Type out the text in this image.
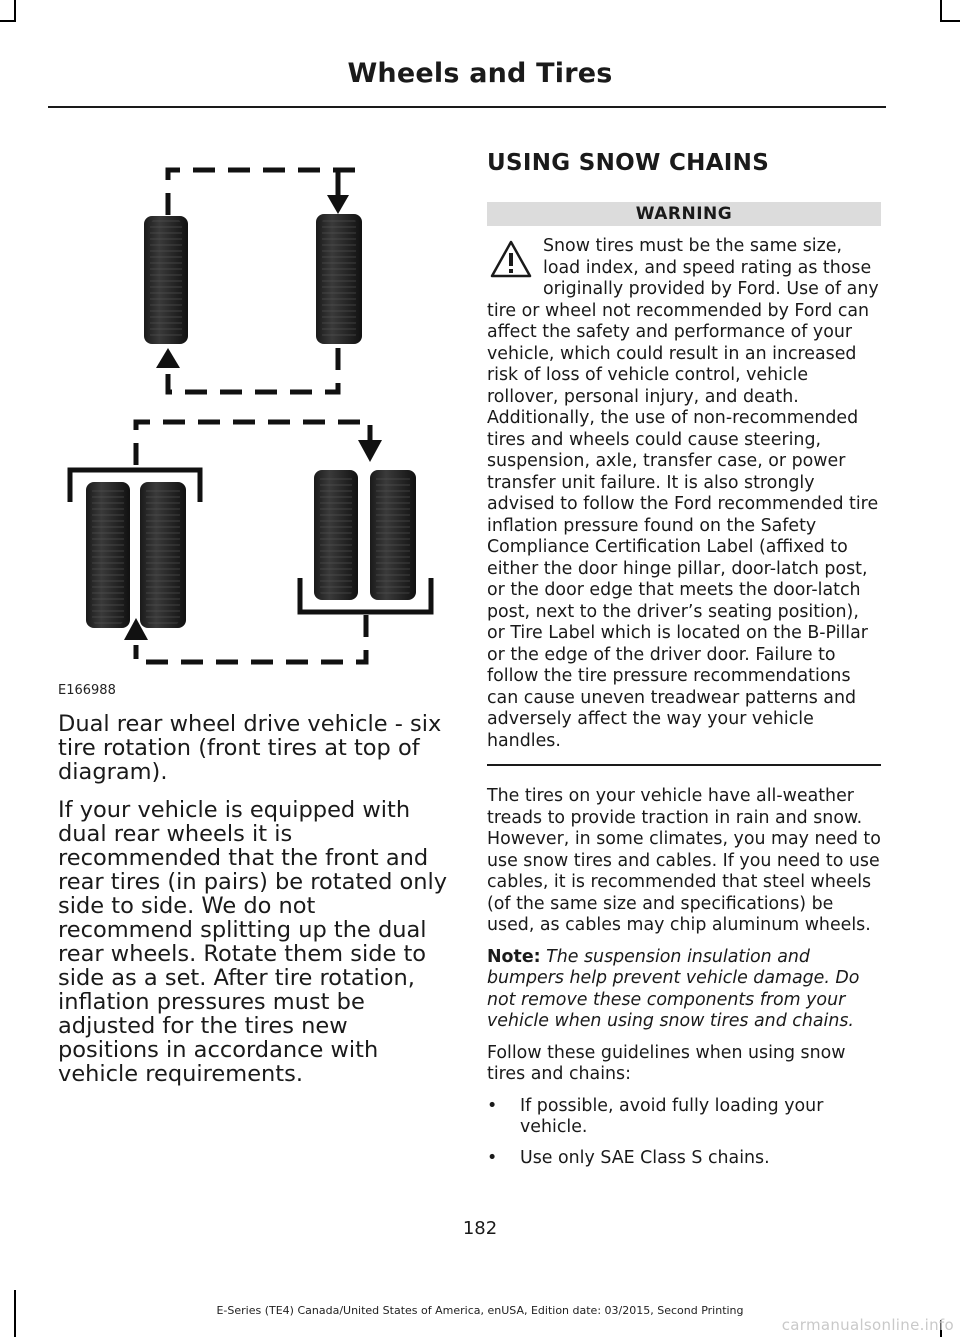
Wheels and Tires
E166988

Dual rear wheel drive vehicle - six tire rotation (front tires at top of diagram).

If your vehicle is equipped with dual rear wheels it is recommended that the front and rear tires (in pairs) be rotated only side to side. We do not recommend splitting up the dual rear wheels. Rotate them side to side as a set. After tire rotation, inflation pressures must be adjusted for the tires new positions in accordance with vehicle requirements.

USING SNOW CHAINS
WARNING
Snow tires must be the same size, load index, and speed rating as those originally provided by Ford. Use of any tire or wheel not recommended by Ford can affect the safety and performance of your vehicle, which could result in an increased risk of loss of vehicle control, vehicle rollover, personal injury, and death. Additionally, the use of non-recommended tires and wheels could cause steering, suspension, axle, transfer case, or power transfer unit failure. It is also strongly advised to follow the Ford recommended tire inflation pressure found on the Safety Compliance Certification Label (affixed to either the door hinge pillar, door-latch post, or the door edge that meets the door-latch post, next to the driver’s seating position), or Tire Label which is located on the B-Pillar or the edge of the driver door. Failure to follow the tire pressure recommendations can cause uneven treadwear patterns and adversely affect the way your vehicle handles.

The tires on your vehicle have all-weather treads to provide traction in rain and snow. However, in some climates, you may need to use snow tires and cables. If you need to use cables, it is recommended that steel wheels (of the same size and specifications) be used, as cables may chip aluminum wheels.

Note: The suspension insulation and bumpers help prevent vehicle damage. Do not remove these components from your vehicle when using snow tires and chains.

Follow these guidelines when using snow tires and chains:

• If possible, avoid fully loading your vehicle.
• Use only SAE Class S chains.
182
E-Series (TE4) Canada/United States of America, enUSA, Edition date: 03/2015, Second Printing
carmanualsonline.info
